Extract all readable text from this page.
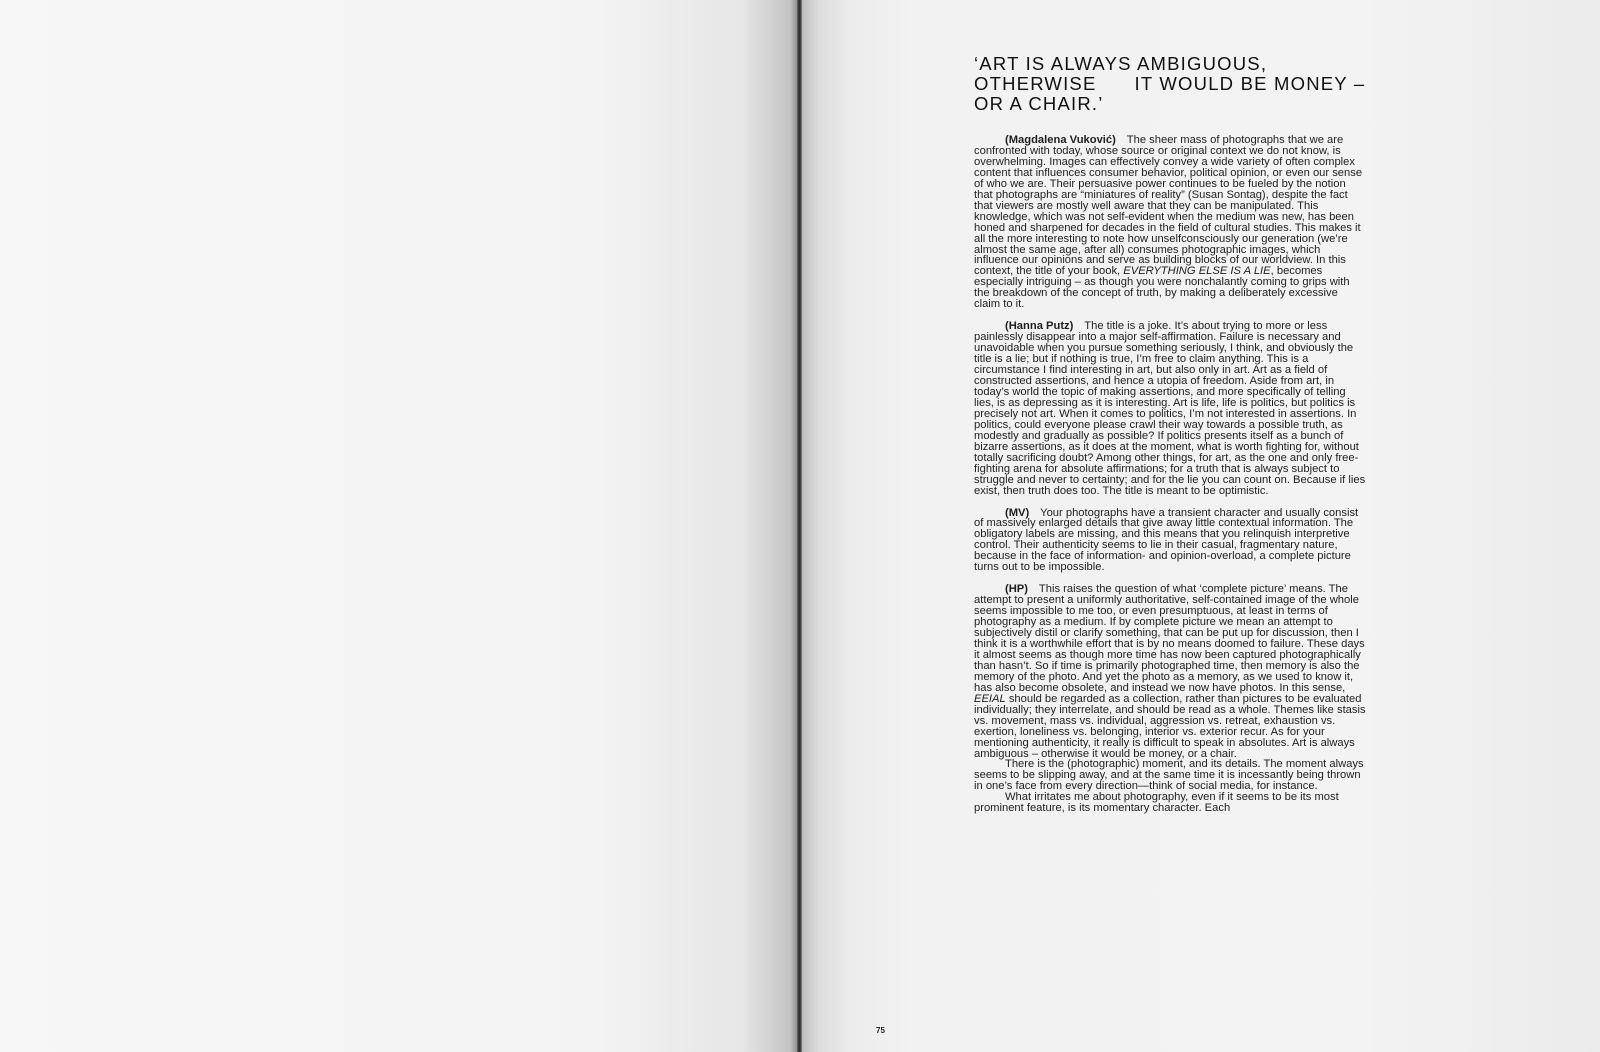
‘ART IS ALWAYS AMBIGUOUS,
OTHERWISE      IT WOULD BE MONEY –
OR A CHAIR.’

(Magdalena Vuković) The sheer mass of photographs that we are confronted with today, whose source or original context we do not know, is overwhelming. Images can effectively convey a wide variety of often complex content that influences consumer behavior, political opinion, or even our sense of who we are. Their persuasive power continues to be fueled by the notion that photographs are “miniatures of reality” (Susan Sontag), despite the fact that viewers are mostly well aware that they can be manipulated. This knowledge, which was not self-evident when the medium was new, has been honed and sharpened for decades in the field of cultural studies. This makes it all the more interesting to note how unselfconsciously our generation (we’re almost the same age, after all) consumes photographic images, which influence our opinions and serve as building blocks of our worldview. In this context, the title of your book, EVERYTHING ELSE IS A LIE, becomes especially intriguing – as though you were nonchalantly coming to grips with the breakdown of the concept of truth, by making a deliberately excessive claim to it.

(Hanna Putz) The title is a joke. It’s about trying to more or less painlessly disappear into a major self-affirmation. Failure is necessary and unavoidable when you pursue something seriously, I think, and obviously the title is a lie; but if nothing is true, I’m free to claim anything. This is a circumstance I find interesting in art, but also only in art. Art as a field of constructed assertions, and hence a utopia of freedom. Aside from art, in today’s world the topic of making assertions, and more specifically of telling lies, is as depressing as it is interesting. Art is life, life is politics, but politics is precisely not art. When it comes to politics, I’m not interested in assertions. In politics, could everyone please crawl their way towards a possible truth, as modestly and gradually as possible? If politics presents itself as a bunch of bizarre assertions, as it does at the moment, what is worth fighting for, without totally sacrificing doubt? Among other things, for art, as the one and only free-fighting arena for absolute affirmations; for a truth that is always subject to struggle and never to certainty; and for the lie you can count on. Because if lies exist, then truth does too. The title is meant to be optimistic.

(MV) Your photographs have a transient character and usually consist of massively enlarged details that give away little contextual information. The obligatory labels are missing, and this means that you relinquish interpretive control. Their authenticity seems to lie in their casual, fragmentary nature, because in the face of information- and opinion-overload, a complete picture turns out to be impossible.

(HP) This raises the question of what ‘complete picture’ means. The attempt to present a uniformly authoritative, self-contained image of the whole seems impossible to me too, or even presumptuous, at least in terms of photography as a medium. If by complete picture we mean an attempt to subjectively distil or clarify something, that can be put up for discussion, then I think it is a worthwhile effort that is by no means doomed to failure. These days it almost seems as though more time has now been captured photographically than hasn’t. So if time is primarily photographed time, then memory is also the memory of the photo. And yet the photo as a memory, as we used to know it, has also become obsolete, and instead we now have photos. In this sense, EEIAL should be regarded as a collection, rather than pictures to be evaluated individually; they interrelate, and should be read as a whole. Themes like stasis vs. movement, mass vs. individual, aggression vs. retreat, exhaustion vs. exertion, loneliness vs. belonging, interior vs. exterior recur. As for your mentioning authenticity, it really is difficult to speak in absolutes. Art is always ambiguous – otherwise it would be money, or a chair.

There is the (photographic) moment, and its details. The moment always seems to be slipping away, and at the same time it is incessantly being thrown in one’s face from every direction—think of social media, for instance.

What irritates me about photography, even if it seems to be its most prominent feature, is its momentary character. Each

75
